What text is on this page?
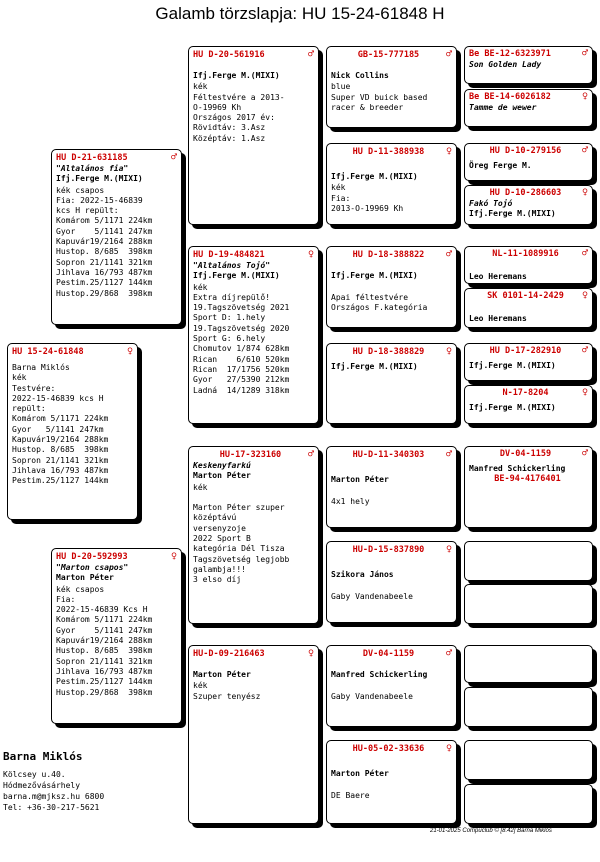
Galamb törzslapja: HU 15-24-61848 H
HU 15-24-61848	♀
Barna Miklós
kék
Testvére:
2022-15-46839 kcs H
repült:
Komárom 5/1171 224km
Gyor   5/1141 247km
Kapuvár19/2164 288km
Hustop. 8/685  398km
Sopron 21/1141 321km
Jihlava 16/793 487km
Pestim.25/1127 144km
HU D-21-631185	♂
"Altalános fia"
Ifj.Ferge M.(MIXI)
kék csapos
Fia: 2022-15-46839
kcs H repült:
Komárom 5/1171 224km
Gyor    5/1141 247km
Kapuvár19/2164 288km
Hustop. 8/685  398km
Sopron 21/1141 321km
Jihlava 16/793 487km
Pestim.25/1127 144km
Hustop.29/868  398km
HU D-20-592993	♀
"Marton csapos"
Marton Péter
kék csapos
Fia:
2022-15-46839 Kcs H
Komárom 5/1171 224km
Gyor    5/1141 247km
Kapuvár19/2164 288km
Hustop. 8/685  398km
Sopron 21/1141 321km
Jihlava 16/793 487km
Pestim.25/1127 144km
Hustop.29/868  398km
HU D-20-561916	♂
Ifj.Ferge M.(MIXI)
kék
Féltestvére a 2013-
O-19969 Kh
Országos 2017 év:
Rövidtáv: 3.Asz
Középtáv: 1.Asz
HU D-19-484821	♀
"Altalános Tojó"
Ifj.Ferge M.(MIXI)
kék
Extra díjrepülő!
19.Tagszövetség 2021
Sport D: 1.hely
19.Tagszövetség 2020
Sport G: 6.hely
Chomutov 1/874 628km
Rican    6/610 520km
Rican  17/1756 520km
Gyor   27/5390 212km
Ladná  14/1289 318km
HU-17-323160	♂
Keskenyfarkú
Marton Péter
kék

Marton Péter szuper
középtávú
versenyzoje
2022 Sport B
kategória Dél Tisza
Tagszövetség legjobb
galambja!!!
3 elso díj
HU-D-09-216463	♀
Marton Péter
kék
Szuper tenyész
GB-15-777185	♂
Nick Collins
blue
Super VD buick based
racer & breeder
HU D-11-388938	♀
Ifj.Ferge M.(MIXI)
kék
Fia:
2013-O-19969 Kh
HU D-18-388822	♂
Ifj.Ferge M.(MIXI)

Apai féltestvére
Országos F.kategória
HU D-18-388829	♀
Ifj.Ferge M.(MIXI)
HU-D-11-340303	♂
Marton Péter

4x1 hely
HU-D-15-837890	♀
Szikora János

Gaby Vandenabeele
DV-04-1159	♂
Manfred Schickerling

Gaby Vandenabeele
HU-05-02-33636	♀
Marton Péter

DE Baere
Be BE-12-6323971	♂
Son Golden Lady
Be BE-14-6026182	♀
Tamme de wewer
HU D-10-279156	♂
Öreg Ferge M.
HU D-10-286603	♀
Fakó Tojó
Ifj.Ferge M.(MIXI)
NL-11-1089916	♂
Leo Heremans
SK 0101-14-2429	♀
Leo Heremans
HU D-17-282910	♂
Ifj.Ferge M.(MIXI)
N-17-8204	♀
Ifj.Ferge M.(MIXI)
DV-04-1159	♂
Manfred Schickerling
BE-94-4176401
Barna Miklós
Kölcsey u.40.
Hódmezővásárhely
barna.m@mjksz.hu 6800
Tel: +36-30-217-5621
21-01-2025 Compuclub © [8.42] Barna Miklós
